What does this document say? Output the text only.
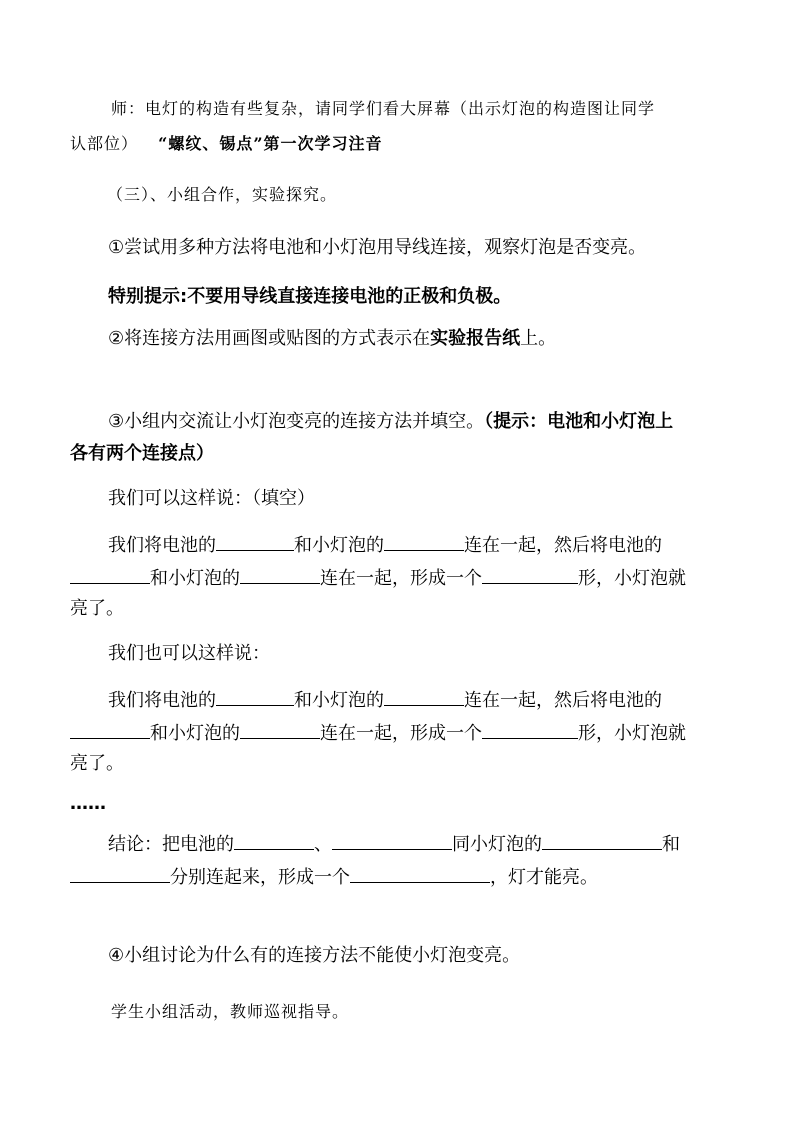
师：电灯的构造有些复杂，请同学们看大屏幕（出示灯泡的构造图让同学
认部位） “螺纹、锡点”第一次学习注音
（三）、小组合作，实验探究。
①尝试用多种方法将电池和小灯泡用导线连接，观察灯泡是否变亮。
特别提示:不要用导线直接连接电池的正极和负极。
②将连接方法用画图或贴图的方式表示在实验报告纸上。
③小组内交流让小灯泡变亮的连接方法并填空。（提示：电池和小灯泡上
各有两个连接点）
我们可以这样说：（填空）
我们将电池的	和小灯泡的	连在一起，然后将电池的
和小灯泡的	连在一起，形成一个	形，小灯泡就
亮了。
我们也可以这样说：
我们将电池的	和小灯泡的	连在一起，然后将电池的
和小灯泡的	连在一起，形成一个	形，小灯泡就
亮了。
……
结论：把电池的	、	同小灯泡的	和
分别连起来，形成一个	，灯才能亮。
④小组讨论为什么有的连接方法不能使小灯泡变亮。
学生小组活动，教师巡视指导。
